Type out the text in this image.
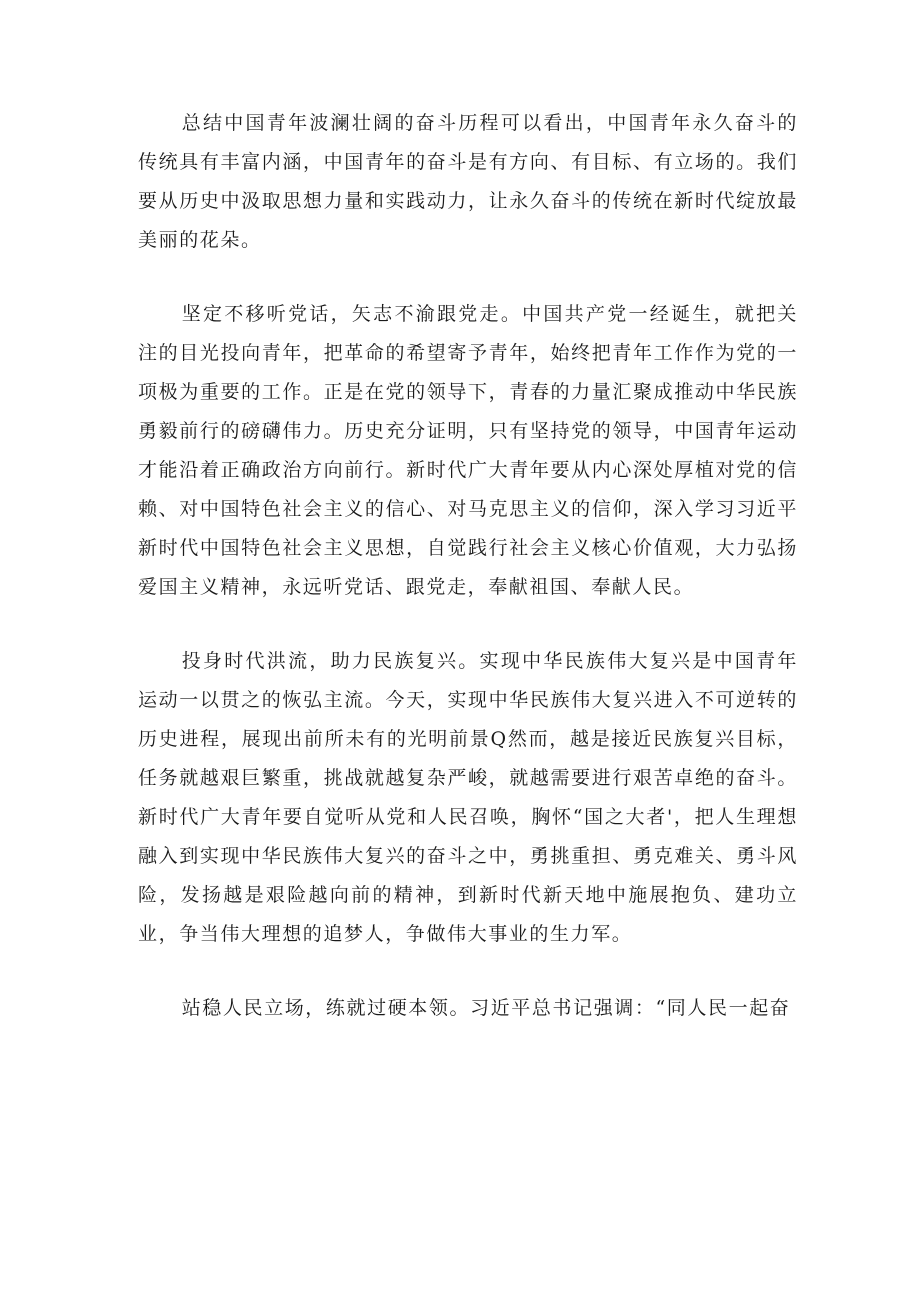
总结中国青年波澜壮阔的奋斗历程可以看出，中国青年永久奋斗的传统具有丰富内涵，中国青年的奋斗是有方向、有目标、有立场的。我们要从历史中汲取思想力量和实践动力，让永久奋斗的传统在新时代绽放最美丽的花朵。

坚定不移听党话，矢志不渝跟党走。中国共产党一经诞生，就把关注的目光投向青年，把革命的希望寄予青年，始终把青年工作作为党的一项极为重要的工作。正是在党的领导下，青春的力量汇聚成推动中华民族勇毅前行的磅礴伟力。历史充分证明，只有坚持党的领导，中国青年运动才能沿着正确政治方向前行。新时代广大青年要从内心深处厚植对党的信赖、对中国特色社会主义的信心、对马克思主义的信仰，深入学习习近平新时代中国特色社会主义思想，自觉践行社会主义核心价值观，大力弘扬爱国主义精神，永远听党话、跟党走，奉献祖国、奉献人民。

投身时代洪流，助力民族复兴。实现中华民族伟大复兴是中国青年运动一以贯之的恢弘主流。今天，实现中华民族伟大复兴进入不可逆转的历史进程，展现出前所未有的光明前景Q然而，越是接近民族复兴目标，任务就越艰巨繁重，挑战就越复杂严峻，就越需要进行艰苦卓绝的奋斗。新时代广大青年要自觉听从党和人民召唤，胸怀“国之大者'，把人生理想融入到实现中华民族伟大复兴的奋斗之中，勇挑重担、勇克难关、勇斗风险，发扬越是艰险越向前的精神，到新时代新天地中施展抱负、建功立业，争当伟大理想的追梦人，争做伟大事业的生力军。

站稳人民立场，练就过硬本领。习近平总书记强调：“同人民一起奋
